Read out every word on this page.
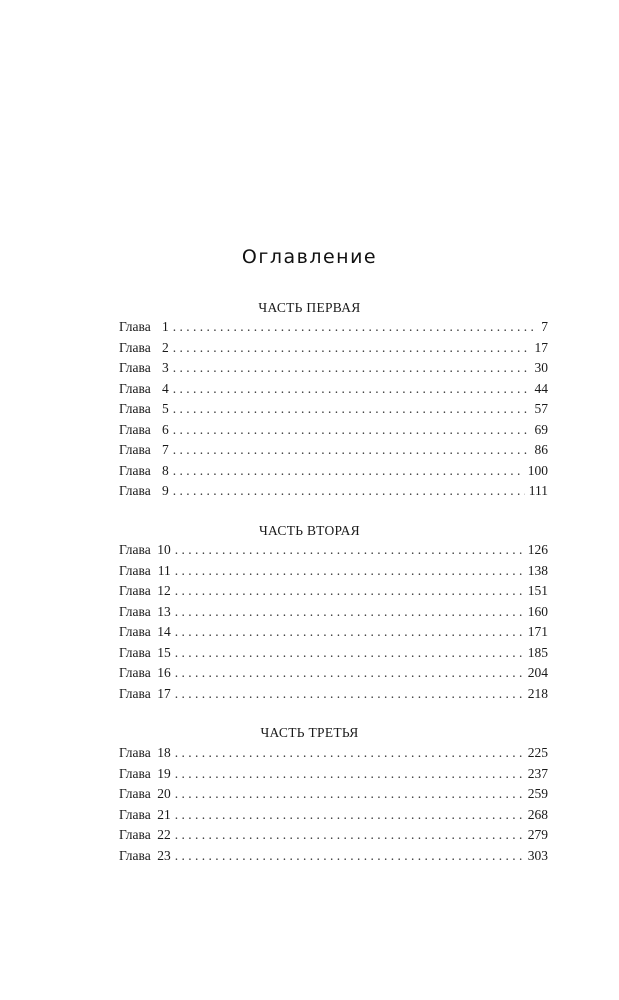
Оглавление
ЧАСТЬ ПЕРВАЯ
Глава 1 . . .	7
Глава 2 . . .	17
Глава 3 . . .	30
Глава 4 . . .	44
Глава 5 . . .	57
Глава 6 . . .	69
Глава 7 . . .	86
Глава 8 . . .	100
Глава 9 . . .	111
ЧАСТЬ ВТОРАЯ
Глава 10 . . .	126
Глава 11 . . .	138
Глава 12 . . .	151
Глава 13 . . .	160
Глава 14 . . .	171
Глава 15 . . .	185
Глава 16 . . .	204
Глава 17 . . .	218
ЧАСТЬ ТРЕТЬЯ
Глава 18 . . .	225
Глава 19 . . .	237
Глава 20 . . .	259
Глава 21 . . .	268
Глава 22 . . .	279
Глава 23 . . .	303
